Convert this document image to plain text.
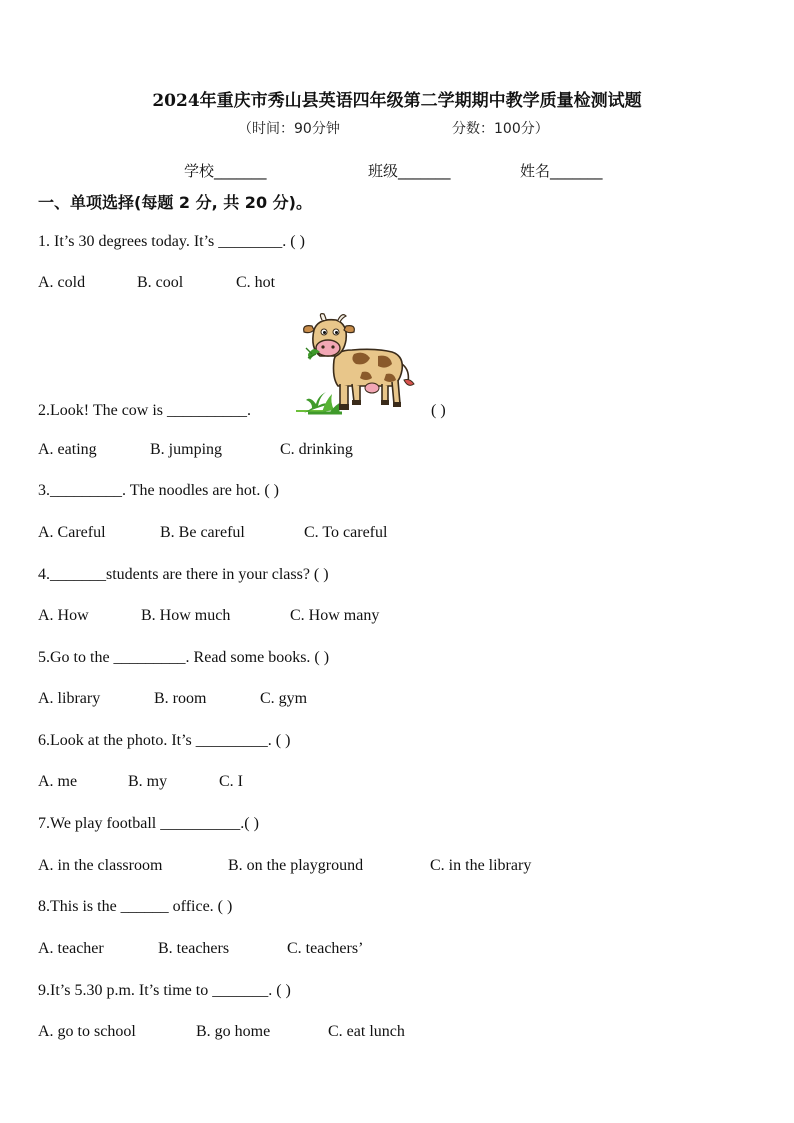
2024年重庆市秀山县英语四年级第二学期期中教学质量检测试题
（时间：90分钟	分数：100分）
学校_______	班级_______	姓名_______
一、单项选择(每题 2 分, 共 20 分)。
1. It’s 30 degrees today. It’s ________. ( )
A. cold	B. cool	C. hot
2.Look! The cow is __________.	( )
A. eating	B. jumping	C. drinking
3._________. The noodles are hot. ( )
A. Careful	B. Be careful	C. To careful
4._______students are there in your class? ( )
A. How	B. How much	C. How many
5.Go to the _________. Read some books. ( )
A. library	B. room	C. gym
6.Look at the photo. It’s _________. ( )
A. me	B. my	C. I
7.We play football __________.( )
A. in the classroom	B. on the playground	C. in the library
8.This is the ______ office. ( )
A. teacher	B. teachers	C. teachers’
9.It’s 5.30 p.m. It’s time to _______. ( )
A. go to school	B. go home	C. eat lunch
